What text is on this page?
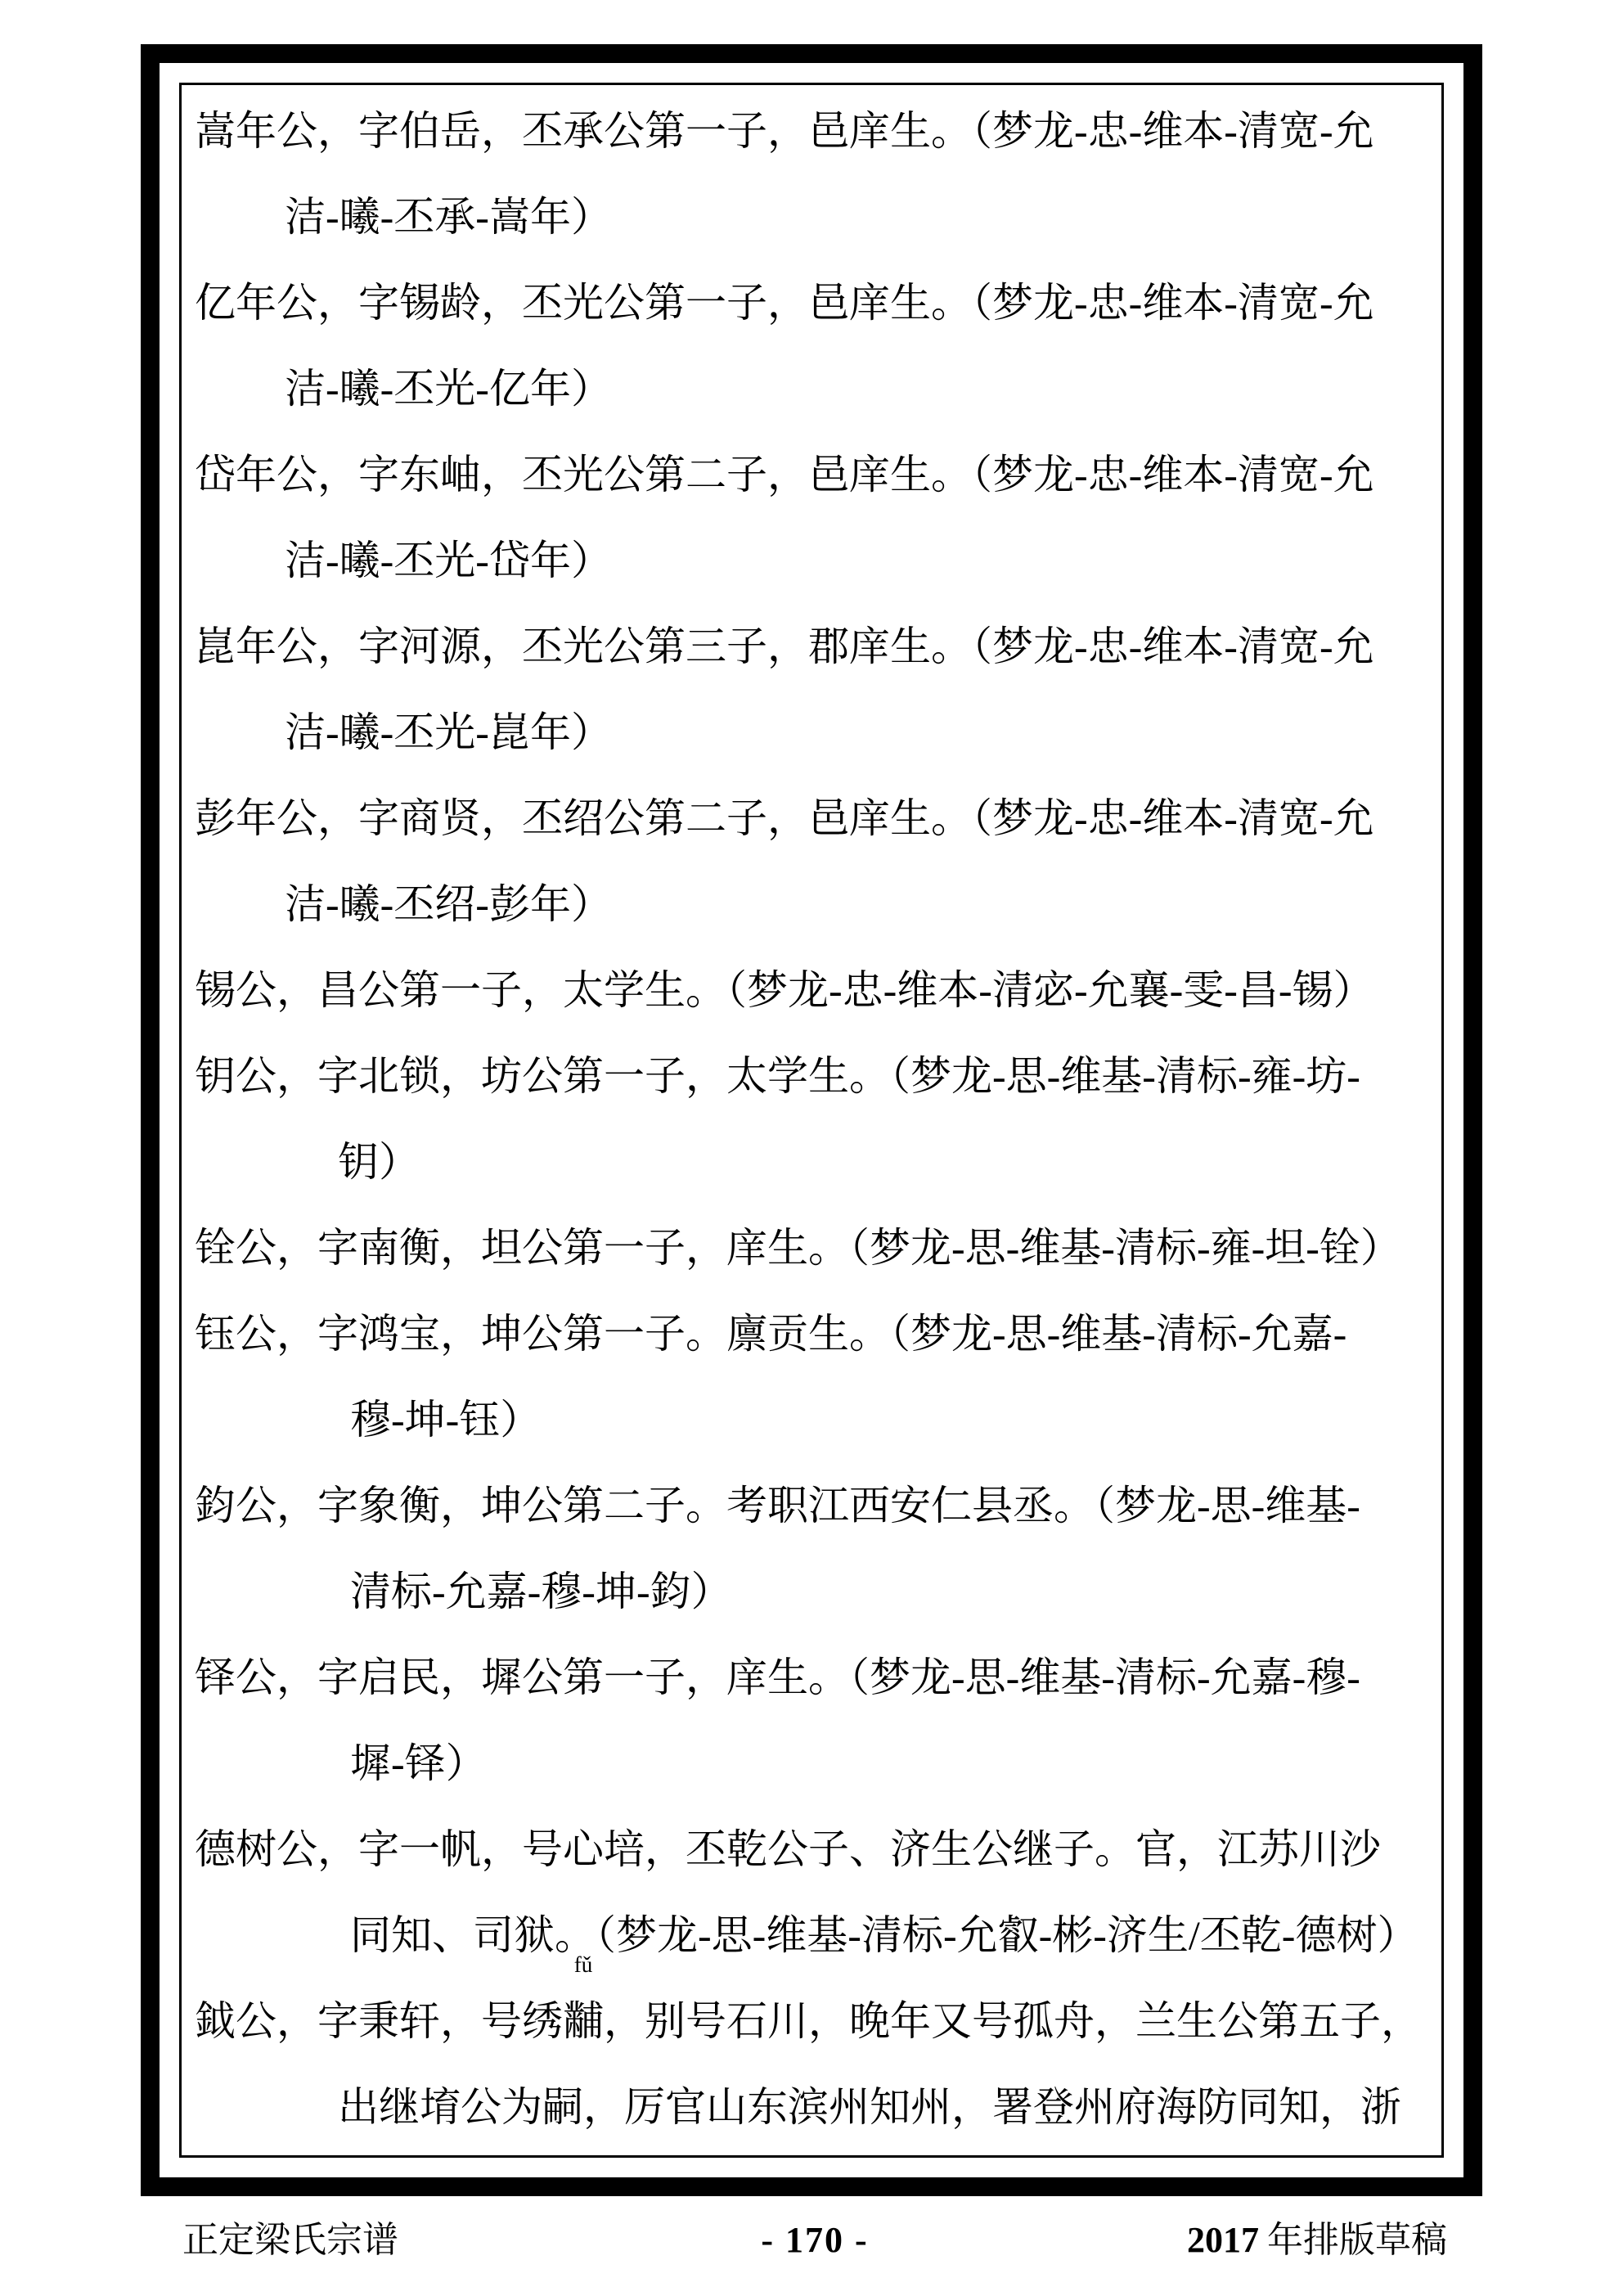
嵩年公，字伯岳，丕承公第一子，邑庠生。（梦龙-忠-维本-清宽-允
洁-曦-丕承-嵩年）
亿年公，字锡龄，丕光公第一子，邑庠生。（梦龙-忠-维本-清宽-允
洁-曦-丕光-亿年）
岱年公，字东岫，丕光公第二子，邑庠生。（梦龙-忠-维本-清宽-允
洁-曦-丕光-岱年）
崑年公，字河源，丕光公第三子，郡庠生。（梦龙-忠-维本-清宽-允
洁-曦-丕光-崑年）
彭年公，字商贤，丕绍公第二子，邑庠生。（梦龙-忠-维本-清宽-允
洁-曦-丕绍-彭年）
锡公，昌公第一子，太学生。（梦龙-忠-维本-清宓-允襄-雯-昌-锡）
钥公，字北锁，坊公第一子，太学生。（梦龙-思-维基-清标-雍-坊-
钥）
铨公，字南衡，坦公第一子，庠生。（梦龙-思-维基-清标-雍-坦-铨）
钰公，字鸿宝，坤公第一子。廪贡生。（梦龙-思-维基-清标-允嘉-
穆-坤-钰）
鈞公，字象衡，坤公第二子。考职江西安仁县丞。（梦龙-思-维基-
清标-允嘉-穆-坤-鈞）
铎公，字启民，墀公第一子，庠生。（梦龙-思-维基-清标-允嘉-穆-
墀-铎）
德树公，字一帆，号心培，丕乾公子、济生公继子。官，江苏川沙
同知、司狱。（梦龙-思-维基-清标-允叡-彬-济生/丕乾-德树）
鉞公，字秉轩，号绣黼
fǔ
，别号石川，晚年又号孤舟，兰生公第五子，
出继堉公为嗣，厉官山东滨州知州，署登州府海防同知，浙
正定梁氏宗谱	- 170 -	2017 年排版草稿
